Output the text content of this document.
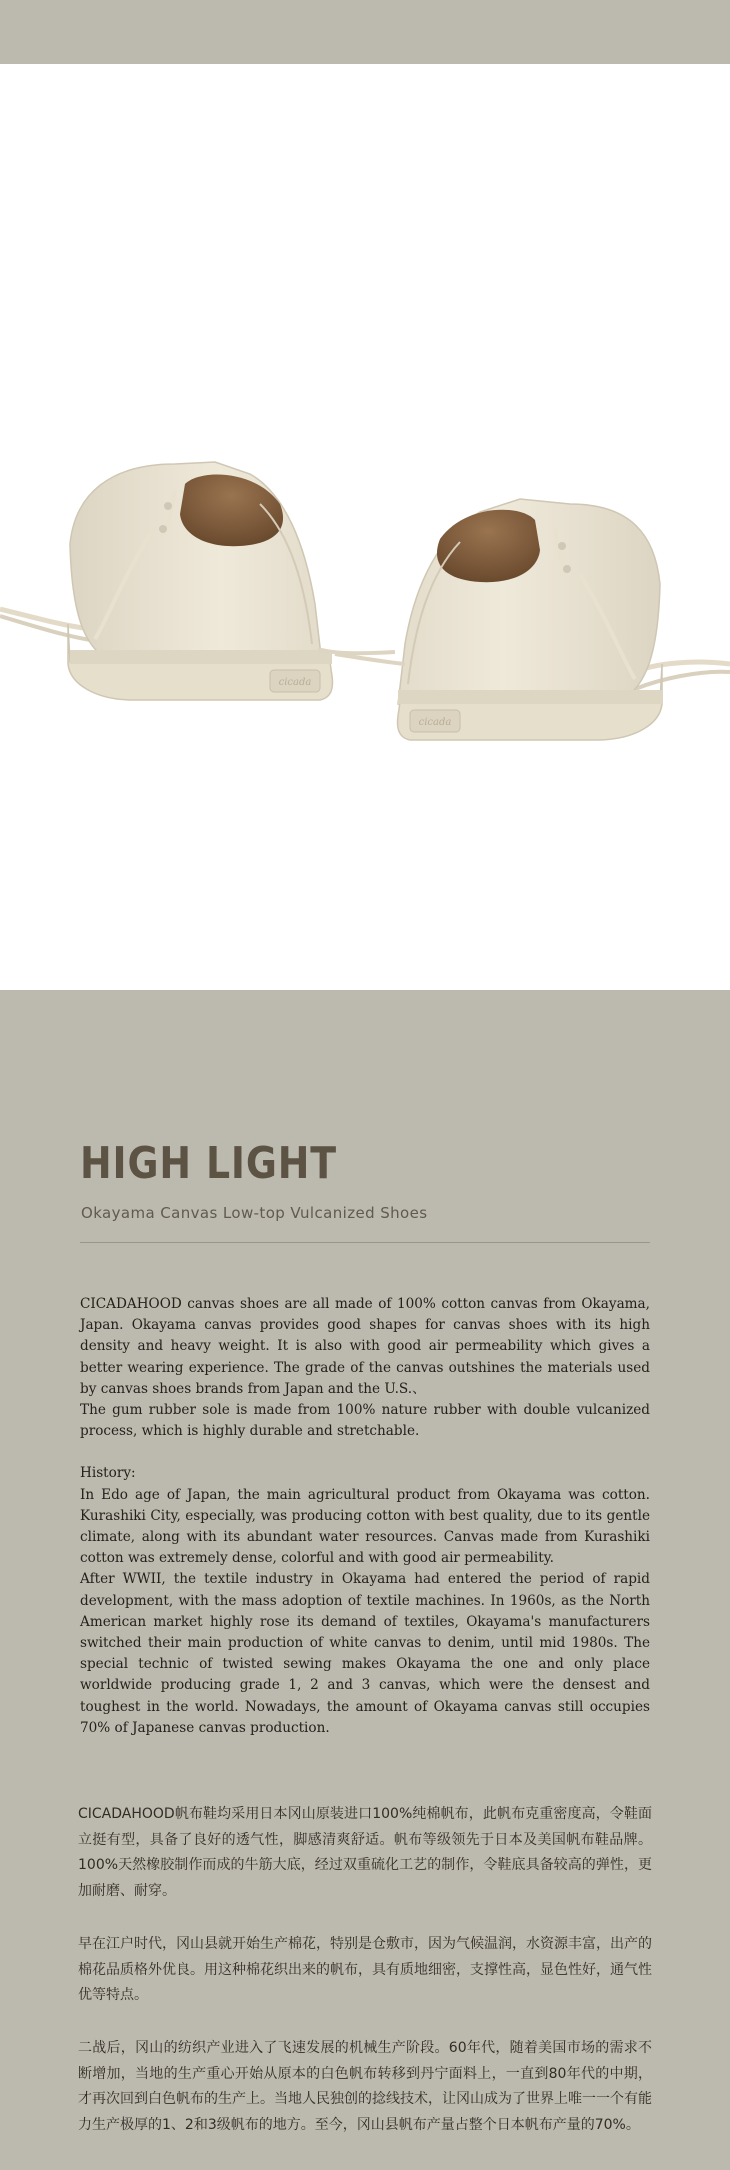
cicada
cicada
HIGH LIGHT
Okayama Canvas Low-top Vulcanized Shoes

CICADAHOOD canvas shoes are all made of 100% cotton canvas from Okayama, Japan. Okayama canvas provides good shapes for canvas shoes with its high density and heavy weight. It is also with good air permeability which gives a better wearing experience. The grade of the canvas outshines the materials used by canvas shoes brands from Japan and the U.S.、

The gum rubber sole is made from 100% nature rubber with double vulcanized process, which is highly durable and stretchable.

History:

In Edo age of Japan, the main agricultural product from Okayama was cotton. Kurashiki City, especially, was producing cotton with best quality, due to its gentle climate, along with its abundant water resources. Canvas made from Kurashiki cotton was extremely dense, colorful and with good air permeability.

After WWII, the textile industry in Okayama had entered the period of rapid development, with the mass adoption of textile machines. In 1960s, as the North American market highly rose its demand of textiles, Okayama's manufacturers switched their main production of white canvas to denim, until mid 1980s. The special technic of twisted sewing makes Okayama the one and only place worldwide producing grade 1, 2 and 3 canvas, which were the densest and toughest in the world. Nowadays, the amount of Okayama canvas still occupies 70% of Japanese canvas production.

CICADAHOOD帆布鞋均采用日本冈山原装进口100%纯棉帆布，此帆布克重密度高，令鞋面立挺有型，具备了良好的透气性，脚感清爽舒适。帆布等级领先于日本及美国帆布鞋品牌。100%天然橡胶制作而成的牛筋大底，经过双重硫化工艺的制作，令鞋底具备较高的弹性，更加耐磨、耐穿。
早在江户时代，冈山县就开始生产棉花，特别是仓敷市，因为气候温润，水资源丰富，出产的棉花品质格外优良。用这种棉花织出来的帆布，具有质地细密，支撑性高，显色性好，通气性优等特点。
二战后，冈山的纺织产业进入了飞速发展的机械生产阶段。60年代，随着美国市场的需求不断增加，当地的生产重心开始从原本的白色帆布转移到丹宁面料上，一直到80年代的中期，才再次回到白色帆布的生产上。当地人民独创的捻线技术，让冈山成为了世界上唯一一个有能力生产极厚的1、2和3级帆布的地方。至今，冈山县帆布产量占整个日本帆布产量的70%。
